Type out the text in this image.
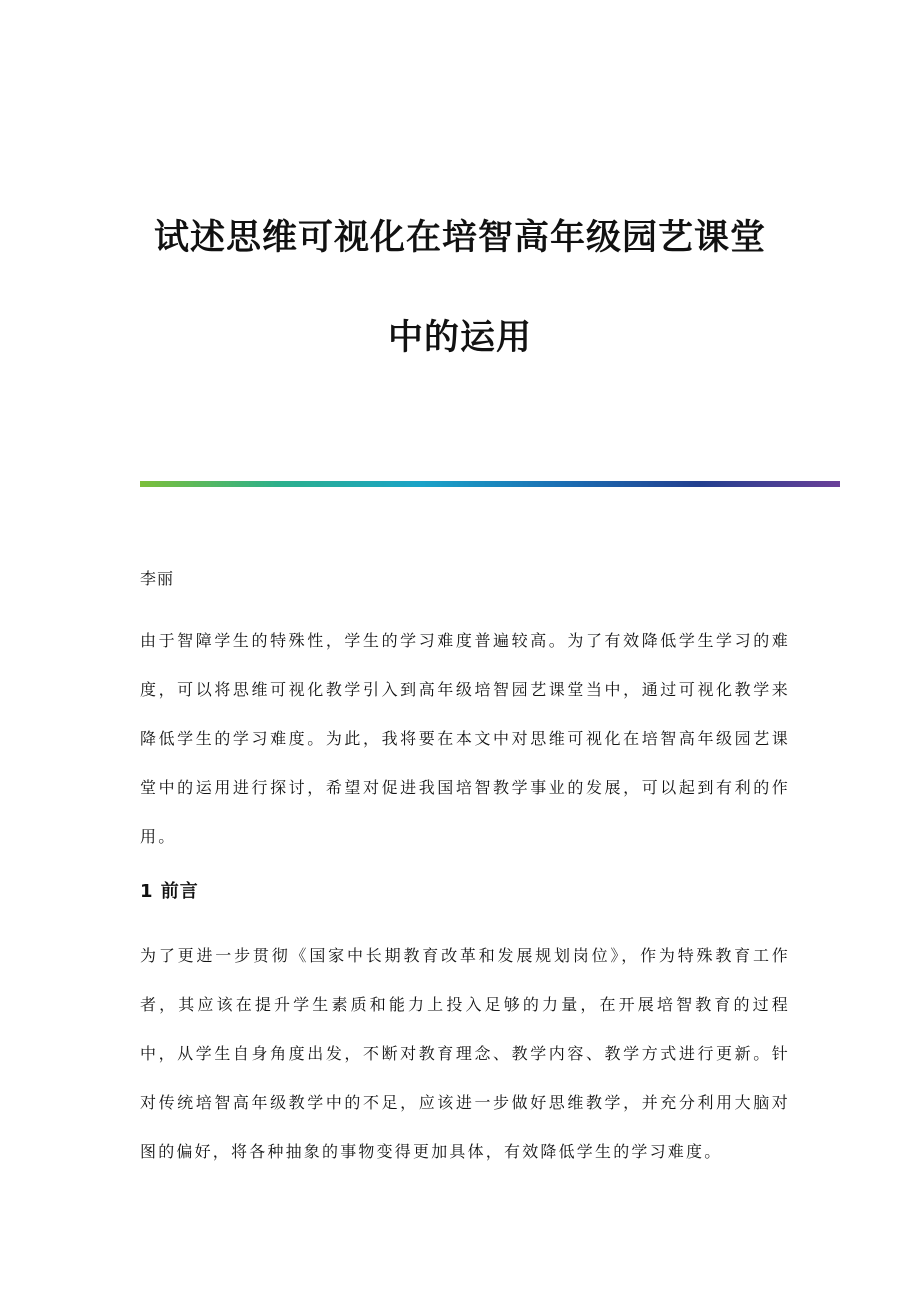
试述思维可视化在培智高年级园艺课堂
中的运用

李丽

由于智障学生的特殊性，学生的学习难度普遍较高。为了有效降低学生学习的难度，可以将思维可视化教学引入到高年级培智园艺课堂当中，通过可视化教学来降低学生的学习难度。为此，我将要在本文中对思维可视化在培智高年级园艺课堂中的运用进行探讨，希望对促进我国培智教学事业的发展，可以起到有利的作用。

1 前言

为了更进一步贯彻《国家中长期教育改革和发展规划岗位》，作为特殊教育工作者，其应该在提升学生素质和能力上投入足够的力量，在开展培智教育的过程中，从学生自身角度出发，不断对教育理念、教学内容、教学方式进行更新。针对传统培智高年级教学中的不足，应该进一步做好思维教学，并充分利用大脑对图的偏好，将各种抽象的事物变得更加具体，有效降低学生的学习难度。
